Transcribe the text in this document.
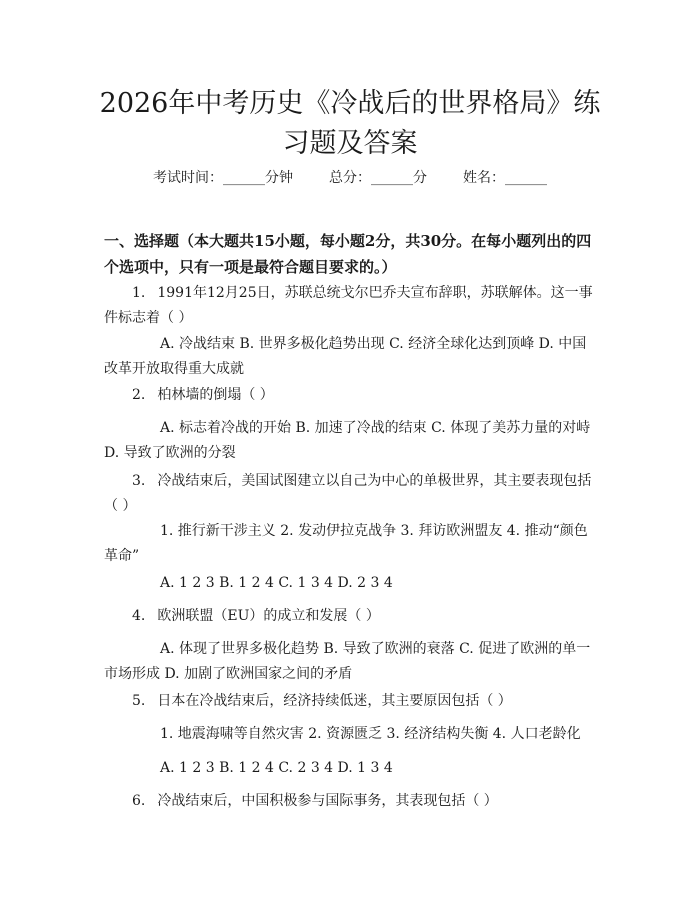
2026年中考历史《冷战后的世界格局》练习题及答案
考试时间：______分钟	总分：______分	姓名：______

一、选择题（本大题共15小题，每小题2分，共30分。在每小题列出的四个选项中，只有一项是最符合题目要求的。）

1. 1991年12月25日，苏联总统戈尔巴乔夫宣布辞职，苏联解体。这一事件标志着（ ）

A. 冷战结束 B. 世界多极化趋势出现 C. 经济全球化达到顶峰 D. 中国改革开放取得重大成就

2. 柏林墙的倒塌（ ）

A. 标志着冷战的开始 B. 加速了冷战的结束 C. 体现了美苏力量的对峙 D. 导致了欧洲的分裂

3. 冷战结束后，美国试图建立以自己为中心的单极世界，其主要表现包括（ ）

1. 推行新干涉主义 2. 发动伊拉克战争 3. 拜访欧洲盟友 4. 推动“颜色革命”

A. 1 2 3 B. 1 2 4 C. 1 3 4 D. 2 3 4

4. 欧洲联盟（EU）的成立和发展（ ）

A. 体现了世界多极化趋势 B. 导致了欧洲的衰落 C. 促进了欧洲的单一市场形成 D. 加剧了欧洲国家之间的矛盾

5. 日本在冷战结束后，经济持续低迷，其主要原因包括（ ）

1. 地震海啸等自然灾害 2. 资源匮乏 3. 经济结构失衡 4. 人口老龄化

A. 1 2 3 B. 1 2 4 C. 2 3 4 D. 1 3 4

6. 冷战结束后，中国积极参与国际事务，其表现包括（ ）
